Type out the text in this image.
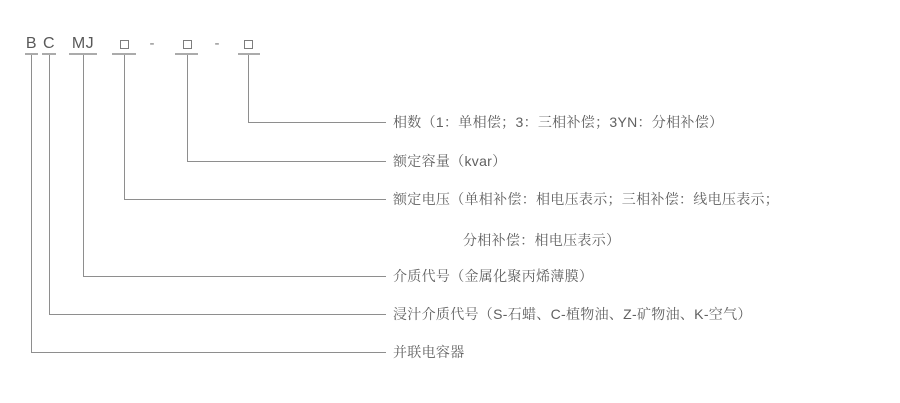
B C MJ	-	-
相数（1：单相偿；3：三相补偿；3YN：分相补偿）
额定容量（kvar）
额定电压（单相补偿：相电压表示；三相补偿：线电压表示；
分相补偿：相电压表示）
介质代号（金属化聚丙烯薄膜）
浸汁介质代号（S-石蜡、C-植物油、Z-矿物油、K-空气）
并联电容器
